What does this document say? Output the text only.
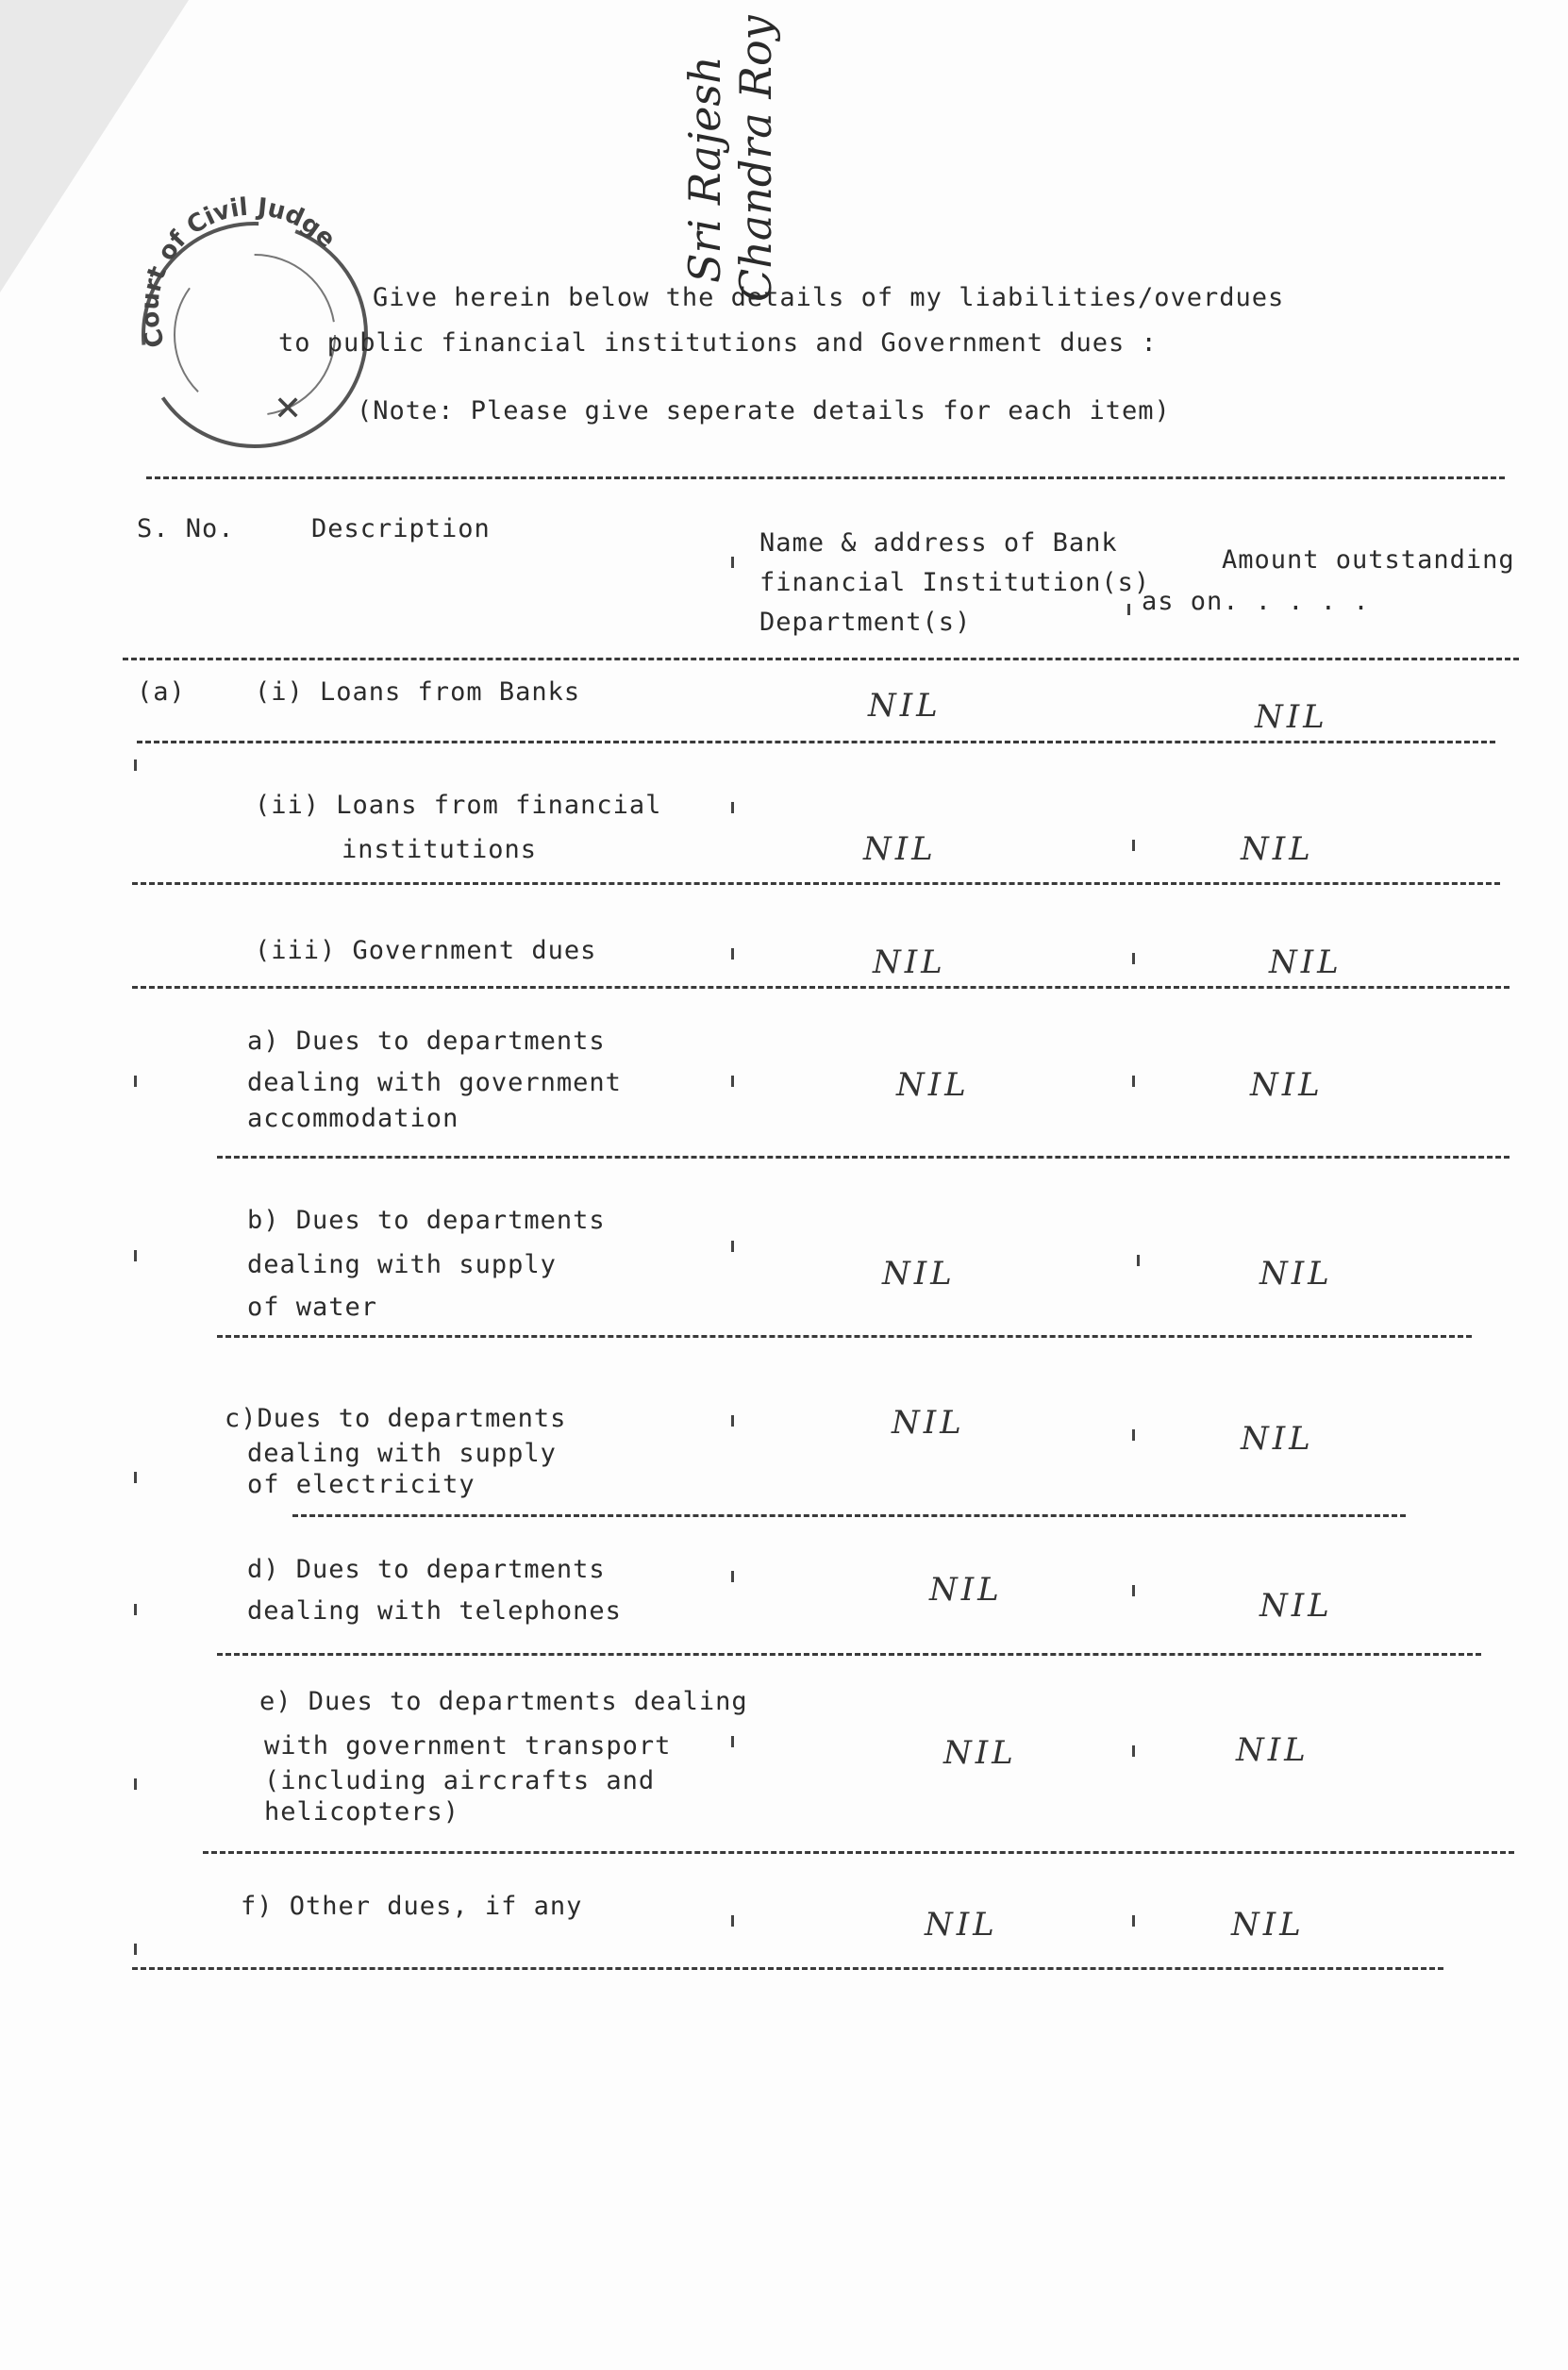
Court of Civil Judge
✕
Sri Rajesh Chandra Roy
Give herein below the details of my liabilities/overdues
to public financial institutions and Government dues :
(Note: Please give seperate details for each item)
S. No.	Description	Name & address of Bank
financial Institution(s)
Department(s)
Amount outstanding
as on. . . . .
(a)	(i) Loans from Banks	NIL	NIL
(ii) Loans from financial
institutions	NIL	NIL
(iii) Government dues	NIL	NIL
a) Dues to departments
dealing with government
accommodation
NIL	NIL
b) Dues to departments
dealing with supply
of water
NIL	NIL
c)Dues to departments
dealing with supply
of electricity
NIL	NIL
d) Dues to departments
dealing with telephones
NIL	NIL
e) Dues to departments dealing
with government transport
(including aircrafts and
helicopters)
NIL	NIL
f) Other dues, if any	NIL	NIL
